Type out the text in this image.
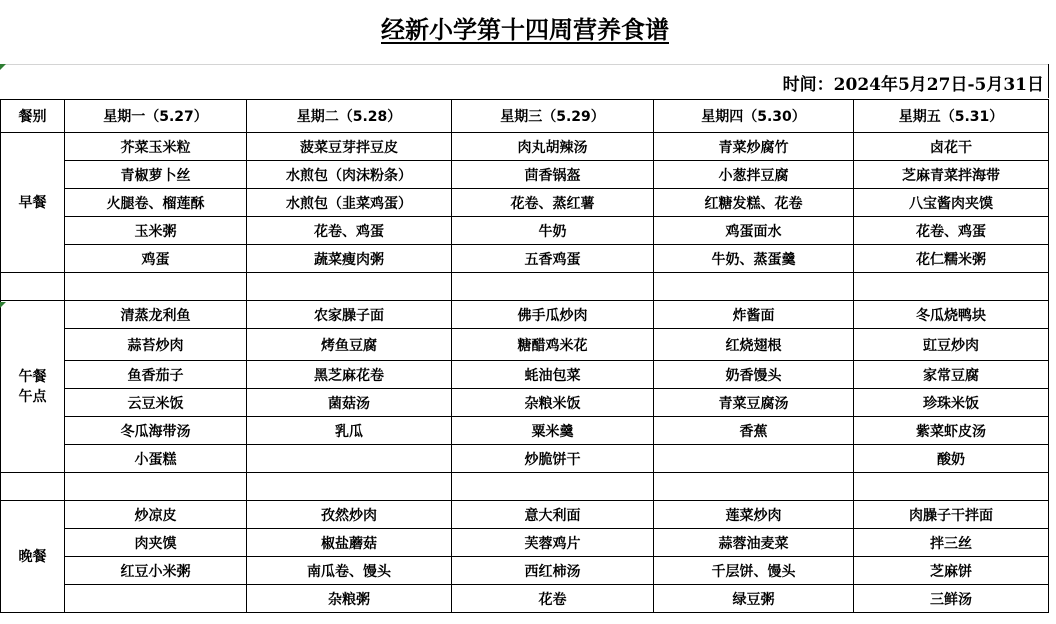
经新小学第十四周营养食谱
时间：2024年5月27日-5月31日
餐别	星期一（5.27）	星期二（5.28）	星期三（5.29）	星期四（5.30）	星期五（5.31）
早餐	芥菜玉米粒	菠菜豆芽拌豆皮	肉丸胡辣汤	青菜炒腐竹	卤花干
	青椒萝卜丝	水煎包（肉沫粉条）	茴香锅盔	小葱拌豆腐	芝麻青菜拌海带
	火腿卷、榴莲酥	水煎包（韭菜鸡蛋）	花卷、蒸红薯	红糖发糕、花卷	八宝酱肉夹馍
	玉米粥	花卷、鸡蛋	牛奶	鸡蛋面水	花卷、鸡蛋
	鸡蛋	蔬菜瘦肉粥	五香鸡蛋	牛奶、蒸蛋羹	花仁糯米粥

午餐
午点	清蒸龙利鱼	农家臊子面	佛手瓜炒肉	炸酱面	冬瓜烧鸭块
	蒜苔炒肉	烤鱼豆腐	糖醋鸡米花	红烧翅根	豇豆炒肉
	鱼香茄子	黑芝麻花卷	蚝油包菜	奶香馒头	家常豆腐
	云豆米饭	菌菇汤	杂粮米饭	青菜豆腐汤	珍珠米饭
	冬瓜海带汤	乳瓜	粟米羹	香蕉	紫菜虾皮汤
	小蛋糕		炒脆饼干		酸奶

晚餐	炒凉皮	孜然炒肉	意大利面	莲菜炒肉	肉臊子干拌面
	肉夹馍	椒盐蘑菇	芙蓉鸡片	蒜蓉油麦菜	拌三丝
	红豆小米粥	南瓜卷、馒头	西红柿汤	千层饼、馒头	芝麻饼
		杂粮粥	花卷	绿豆粥	三鲜汤
